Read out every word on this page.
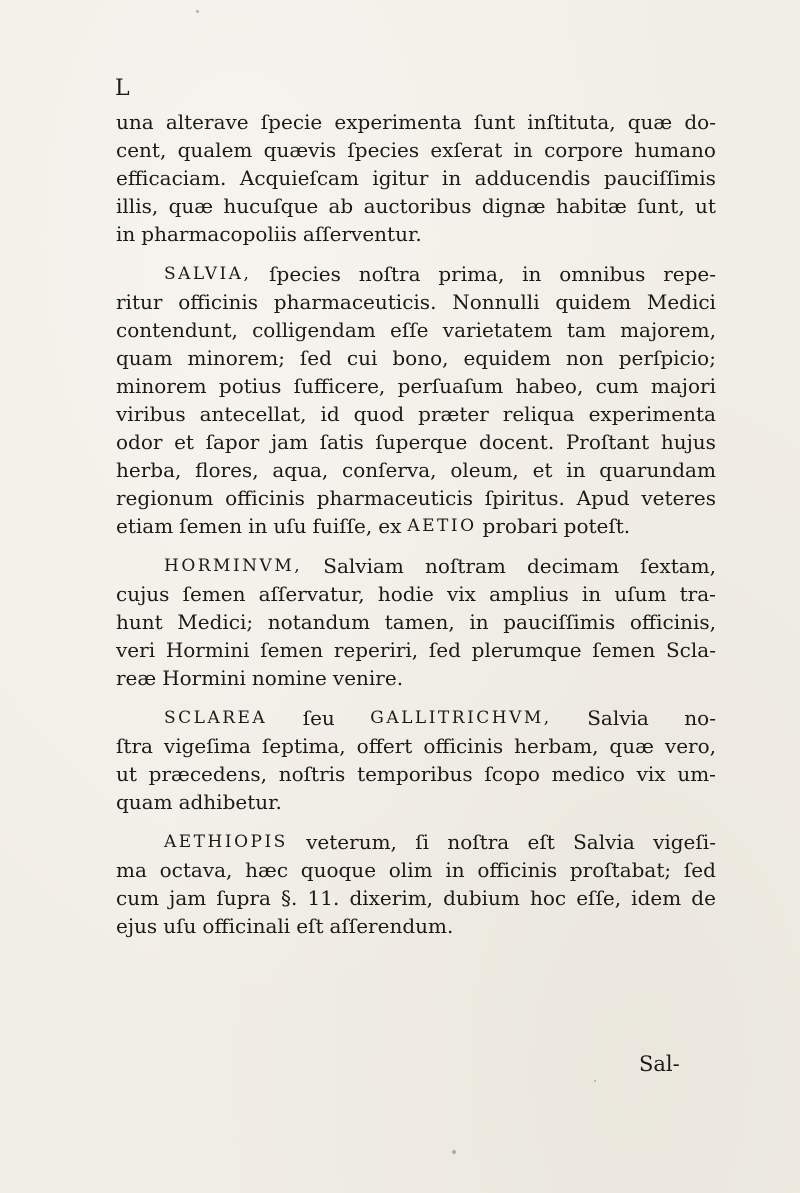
L
una alterave ſpecie experimenta ſunt inſtituta, quæ do-
cent, qualem quævis ſpecies exſerat in corpore humano
efficaciam. Acquieſcam igitur in adducendis pauciſſimis
illis, quæ hucuſque ab auctoribus dignæ habitæ ſunt, ut
in pharmacopoliis aſſerventur.
SALVIA, ſpecies noſtra prima, in omnibus repe-
ritur officinis pharmaceuticis. Nonnulli quidem Medici
contendunt, colligendam eſſe varietatem tam majorem,
quam minorem; ſed cui bono, equidem non perſpicio;
minorem potius ſufficere, perſuaſum habeo, cum majori
viribus antecellat, id quod præter reliqua experimenta
odor et ſapor jam ſatis ſuperque docent. Proſtant hujus
herba, flores, aqua, conſerva, oleum, et in quarundam
regionum officinis pharmaceuticis ſpiritus. Apud veteres
etiam ſemen in uſu fuiſſe, ex AETIO probari poteſt.
HORMINVM, Salviam noſtram decimam ſextam,
cujus ſemen aſſervatur, hodie vix amplius in uſum tra-
hunt Medici; notandum tamen, in pauciſſimis officinis,
veri Hormini ſemen reperiri, ſed plerumque ſemen Scla-
reæ Hormini nomine venire.
SCLAREA ſeu GALLITRICHVM, Salvia no-
ſtra vigeſima ſeptima, offert officinis herbam, quæ vero,
ut præcedens, noſtris temporibus ſcopo medico vix um-
quam adhibetur.
AETHIOPIS veterum, ſi noſtra eſt Salvia vigeſi-
ma octava, hæc quoque olim in officinis proſtabat; ſed
cum jam ſupra §. 11. dixerim, dubium hoc eſſe, idem de
ejus uſu officinali eſt aſſerendum.
Sal-
